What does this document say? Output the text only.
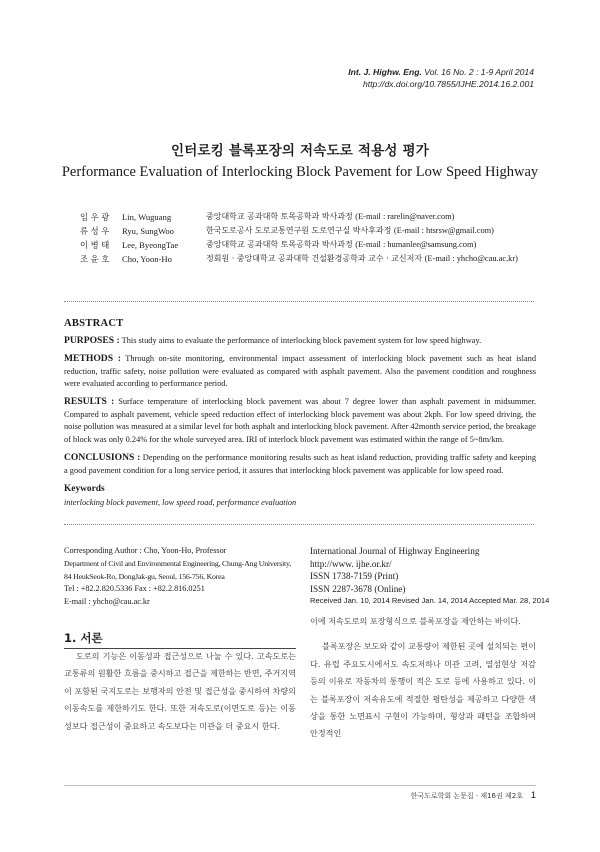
Int. J. Highw. Eng. Vol. 16 No. 2 : 1-9 April 2014
http://dx.doi.org/10.7855/IJHE.2014.16.2.001
인터로킹 블록포장의 저속도로 적용성 평가
Performance Evaluation of Interlocking Block Pavement for Low Speed Highway
임 우 광	Lin, Wuguang	중앙대학교 공과대학 토목공학과 박사과정 (E-mail : rarelin@naver.com)
류 성 우	Ryu, SungWoo	한국도로공사 도로교통연구원 도로연구실 박사후과정 (E-mail : htsrsw@gmail.com)
이 병 태	Lee, ByeongTae	중앙대학교 공과대학 토목공학과 박사과정 (E-mail : humanlee@samsung.com)
조 윤 호	Cho, Yoon-Ho	정회원 · 중앙대학교 공과대학 건설환경공학과 교수 · 교신저자 (E-mail : yhcho@cau.ac.kr)
ABSTRACT
PURPOSES : This study aims to evaluate the performance of interlocking block pavement system for low speed highway.
METHODS : Through on-site monitoring, environmental impact assessment of interlocking block pavement such as heat island reduction, traffic safety, noise pollution were evaluated as compared with asphalt pavement. Also the pavement condition and roughness were evaluated according to performance period.
RESULTS : Surface temperature of interlocking block pavement was about 7 degree lower than asphalt pavement in midsummer. Compared to asphalt pavement, vehicle speed reduction effect of interlocking block pavement was about 2kph. For low speed driving, the noise pollution was measured at a similar level for both asphalt and interlocking block pavement. After 42month service period, the breakage of block was only 0.24% for the whole surveyed area. IRI of interlock block pavement was estimated within the range of 5~8m/km.
CONCLUSIONS : Depending on the performance monitoring results such as heat island reduction, providing traffic safety and keeping a good pavement condition for a long service period, it assures that interlocking block pavement was applicable for low speed road.
Keywords
interlocking block pavement, low speed road, performance evaluation
Corresponding Author : Cho, Yoon-Ho, Professor
Department of Civil and Environmental Engineering, Chung-Ang University,
84 HeukSeok-Ro, DongJak-gu, Seoul, 156-756, Korea
Tel : +82.2.820.5336 Fax : +82.2.816.0251
E-mail : yhcho@cau.ac.kr
International Journal of Highway Engineering
http://www. ijhe.or.kr/
ISSN 1738-7159 (Print)
ISSN 2287-3678 (Online)
Received Jan. 10, 2014 Revised Jan. 14, 2014 Accepted Mar. 28, 2014
1. 서론

도로의 기능은 이동성과 접근성으로 나눌 수 있다. 고속도로는 교통류의 원활한 흐름을 중시하고 접근을 제한하는 반면, 주거지역이 포함된 국지도로는 보행자의 안전 및 접근성을 중시하여 차량의 이동속도를 제한하기도 한다. 또한 저속도로(이면도로 등)는 이동성보다 접근성이 중요하고 속도보다는 미관을 더 중요시 한다.

이에 저속도로의 포장형식으로 블록포장을 제안하는 바이다.

블록포장은 보도와 같이 교통량이 제한된 곳에 설치되는 편이다. 유럽 주요도시에서도 속도저하나 미관 고려, 열섬현상 저감 등의 이유로 자동차의 통행이 적은 도로 등에 사용하고 있다. 이는 블록포장이 저속유도에 적절한 평탄성을 제공하고 다양한 색상을 통한 노면표시 구현이 가능하며, 형상과 패턴을 조합하여 안정적인

한국도로학회 논문집 · 제16권 제2호 1
